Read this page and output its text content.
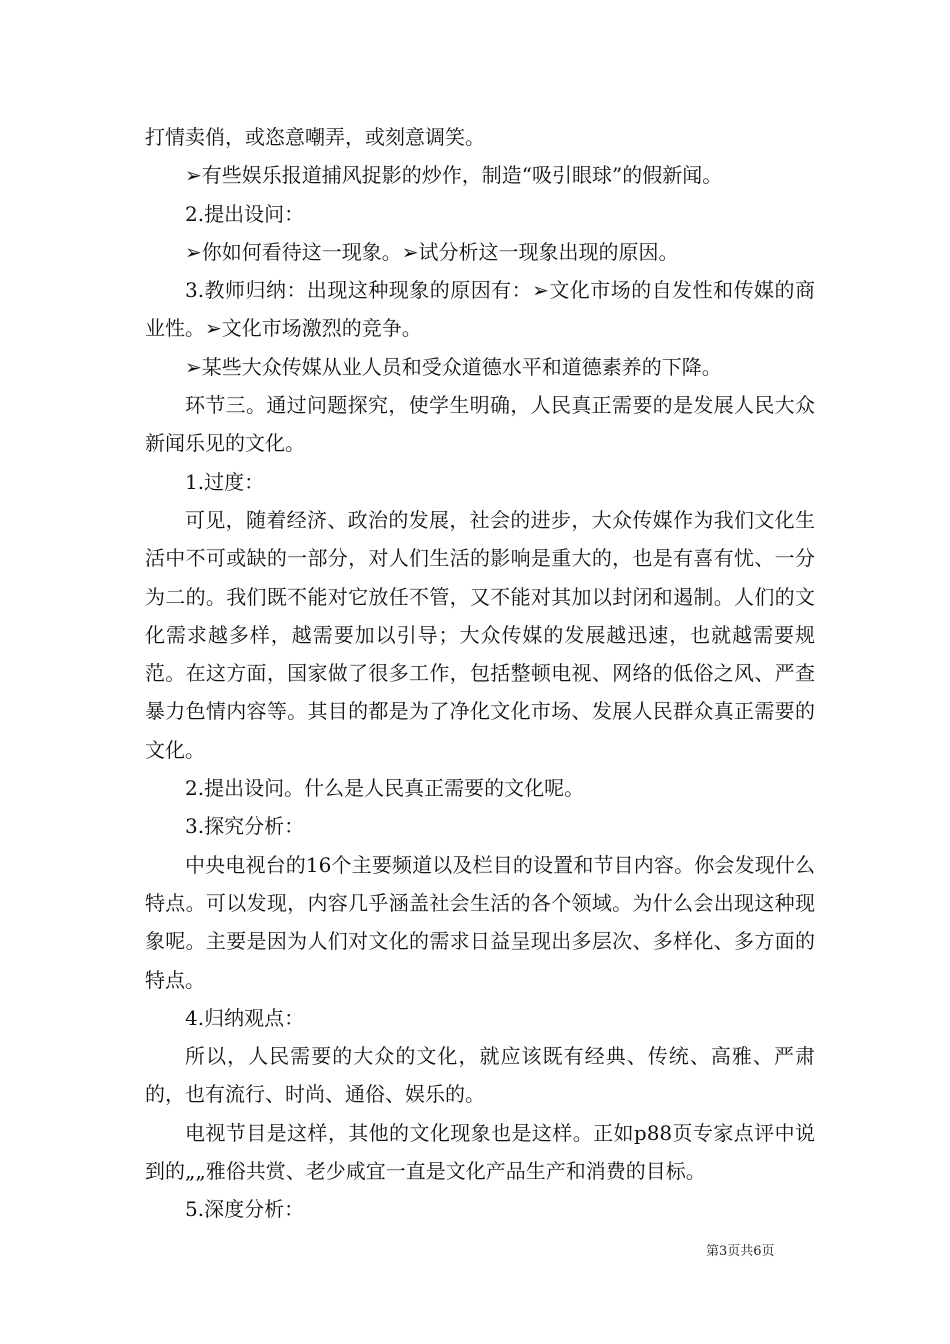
打情卖俏，或恣意嘲弄，或刻意调笑。

➢有些娱乐报道捕风捉影的炒作，制造“吸引眼球”的假新闻。

2.提出设问：

➢你如何看待这一现象。➢试分析这一现象出现的原因。

3.教师归纳：出现这种现象的原因有：➢文化市场的自发性和传媒的商业性。➢文化市场激烈的竞争。

➢某些大众传媒从业人员和受众道德水平和道德素养的下降。

环节三。通过问题探究，使学生明确，人民真正需要的是发展人民大众新闻乐见的文化。

1.过度：

可见，随着经济、政治的发展，社会的进步，大众传媒作为我们文化生活中不可或缺的一部分，对人们生活的影响是重大的，也是有喜有忧、一分为二的。我们既不能对它放任不管，又不能对其加以封闭和遏制。人们的文化需求越多样，越需要加以引导；大众传媒的发展越迅速，也就越需要规范。在这方面，国家做了很多工作，包括整顿电视、网络的低俗之风、严查暴力色情内容等。其目的都是为了净化文化市场、发展人民群众真正需要的文化。

2.提出设问。什么是人民真正需要的文化呢。

3.探究分析：

中央电视台的16个主要频道以及栏目的设置和节目内容。你会发现什么特点。可以发现，内容几乎涵盖社会生活的各个领域。为什么会出现这种现象呢。主要是因为人们对文化的需求日益呈现出多层次、多样化、多方面的特点。

4.归纳观点：

所以，人民需要的大众的文化，就应该既有经典、传统、高雅、严肃的，也有流行、时尚、通俗、娱乐的。

电视节目是这样，其他的文化现象也是这样。正如p88页专家点评中说到的„„雅俗共赏、老少咸宜一直是文化产品生产和消费的目标。

5.深度分析：

第3页共6页
